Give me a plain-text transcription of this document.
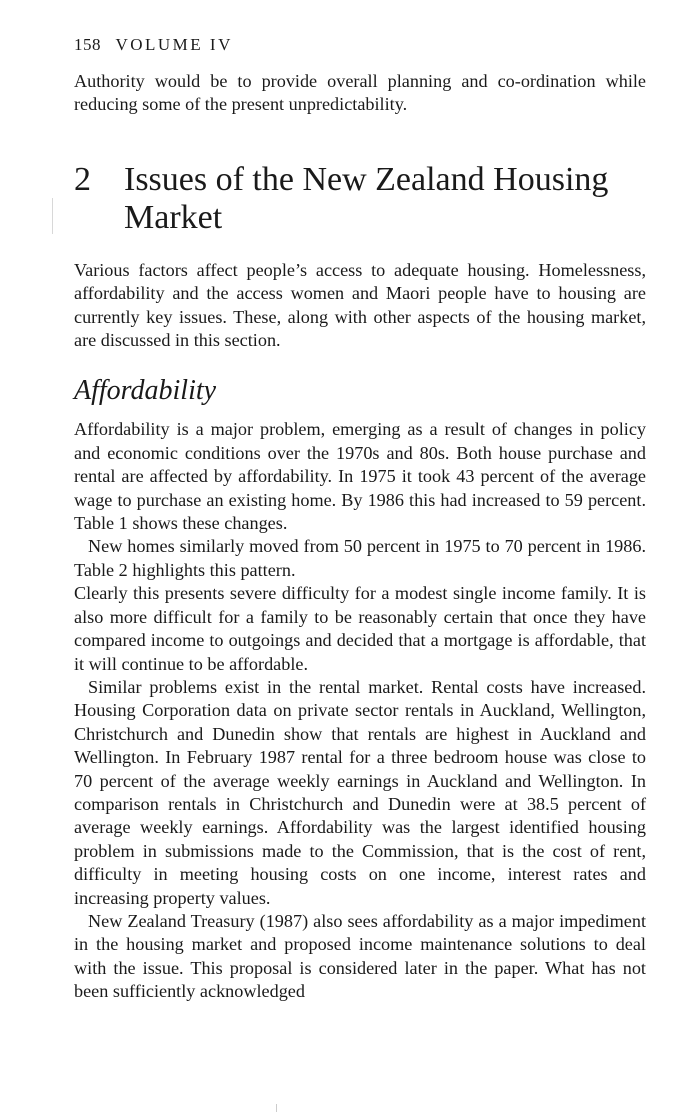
158 VOLUME IV

Authority would be to provide overall planning and co-ordination while reducing some of the present unpredictability.

2 Issues of the New Zealand Housing Market

Various factors affect people’s access to adequate housing. Homelessness, affordability and the access women and Maori people have to housing are currently key issues. These, along with other aspects of the housing market, are discussed in this section.

Affordability

Affordability is a major problem, emerging as a result of changes in policy and economic conditions over the 1970s and 80s. Both house purchase and rental are affected by affordability. In 1975 it took 43 percent of the average wage to purchase an existing home. By 1986 this had increased to 59 percent. Table 1 shows these changes.

New homes similarly moved from 50 percent in 1975 to 70 percent in 1986. Table 2 highlights this pattern.

Clearly this presents severe difficulty for a modest single income family. It is also more difficult for a family to be reasonably certain that once they have compared income to outgoings and decided that a mortgage is affordable, that it will continue to be affordable.

Similar problems exist in the rental market. Rental costs have increased. Housing Corporation data on private sector rentals in Auckland, Wellington, Christchurch and Dunedin show that rentals are highest in Auckland and Wellington. In February 1987 rental for a three bedroom house was close to 70 percent of the average weekly earnings in Auckland and Wellington. In comparison rentals in Christchurch and Dunedin were at 38.5 percent of average weekly earnings. Affordability was the largest identified housing problem in submissions made to the Commission, that is the cost of rent, difficulty in meeting housing costs on one income, interest rates and increasing property values.

New Zealand Treasury (1987) also sees affordability as a major impediment in the housing market and proposed income maintenance solutions to deal with the issue. This proposal is considered later in the paper. What has not been sufficiently acknowledged
